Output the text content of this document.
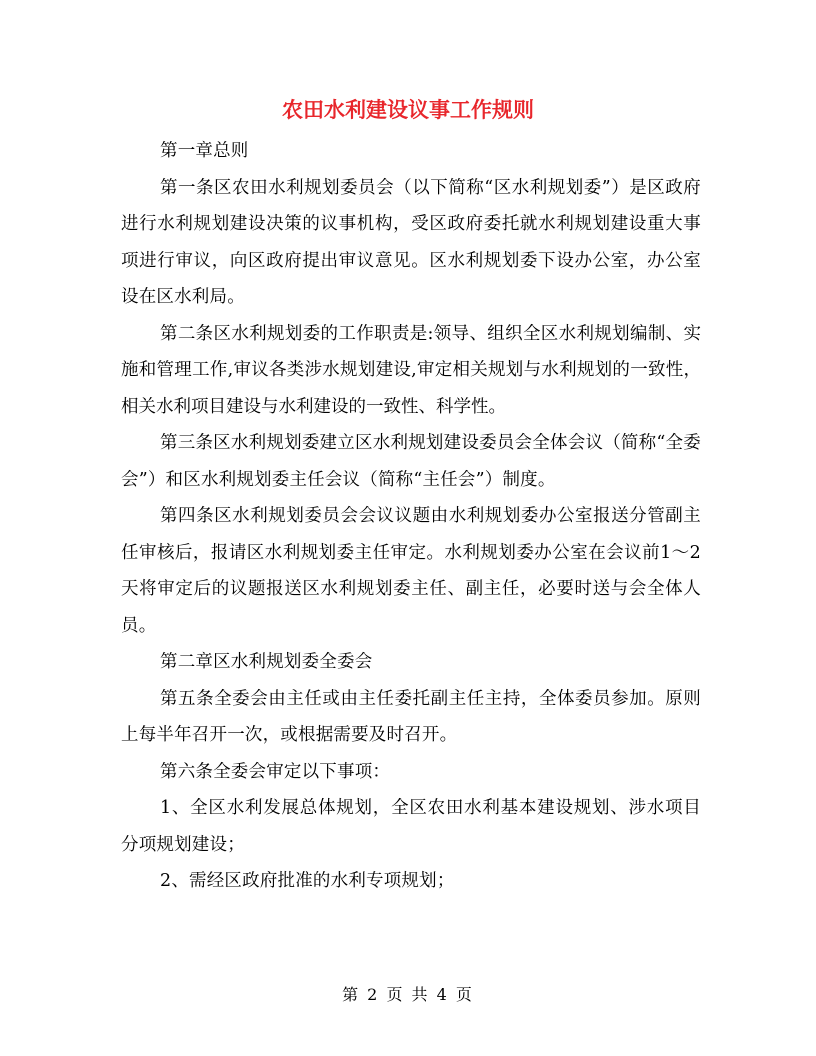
农田水利建设议事工作规则

第一章总则

第一条区农田水利规划委员会（以下简称“区水利规划委”）是区政府进行水利规划建设决策的议事机构，受区政府委托就水利规划建设重大事项进行审议，向区政府提出审议意见。区水利规划委下设办公室，办公室设在区水利局。

第二条区水利规划委的工作职责是:领导、组织全区水利规划编制、实施和管理工作,审议各类涉水规划建设,审定相关规划与水利规划的一致性，相关水利项目建设与水利建设的一致性、科学性。

第三条区水利规划委建立区水利规划建设委员会全体会议（简称“全委会”）和区水利规划委主任会议（简称“主任会”）制度。

第四条区水利规划委员会会议议题由水利规划委办公室报送分管副主任审核后，报请区水利规划委主任审定。水利规划委办公室在会议前1～2天将审定后的议题报送区水利规划委主任、副主任，必要时送与会全体人员。

第二章区水利规划委全委会

第五条全委会由主任或由主任委托副主任主持，全体委员参加。原则上每半年召开一次，或根据需要及时召开。

第六条全委会审定以下事项：

1、全区水利发展总体规划，全区农田水利基本建设规划、涉水项目分项规划建设；

2、需经区政府批准的水利专项规划；

第 2 页 共 4 页
